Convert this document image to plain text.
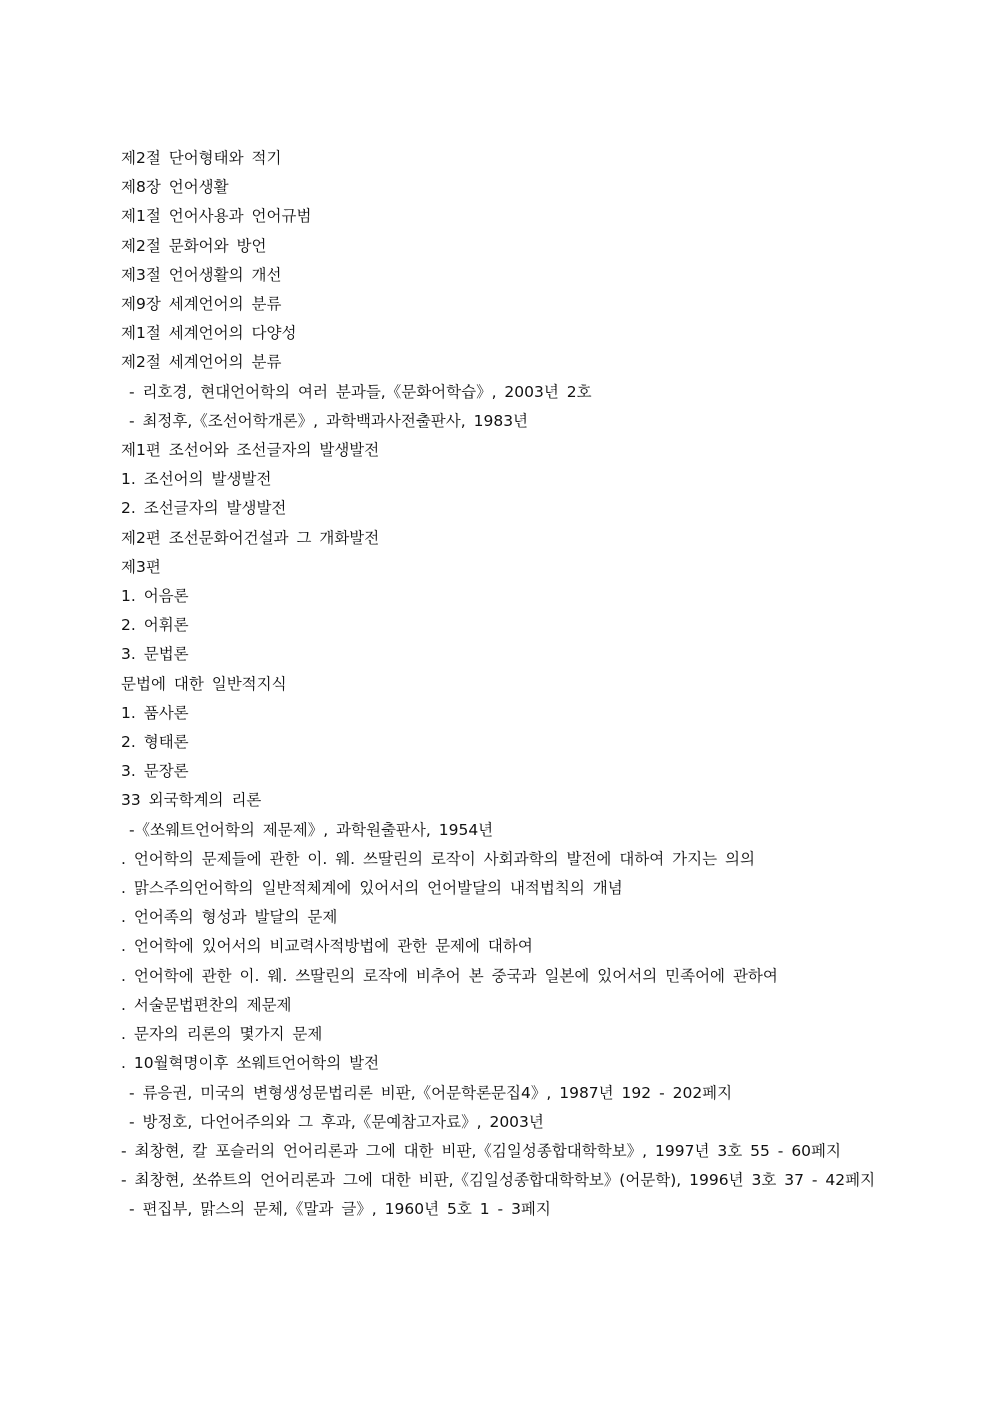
제2절 단어형태와 적기

제8장 언어생활

제1절 언어사용과 언어규범

제2절 문화어와 방언

제3절 언어생활의 개선

제9장 세계언어의 분류

제1절 세계언어의 다양성

제2절 세계언어의 분류

- 리호경, 현대언어학의 여러 분과들,《문화어학습》, 2003년 2호

- 최정후,《조선어학개론》, 과학백과사전출판사, 1983년

제1편 조선어와 조선글자의 발생발전

1. 조선어의 발생발전

2. 조선글자의 발생발전

제2편 조선문화어건설과 그 개화발전

제3편

1. 어음론

2. 어휘론

3. 문법론

문법에 대한 일반적지식

1. 품사론

2. 형태론

3. 문장론

33 외국학계의 리론

-《쏘웨트언어학의 제문제》, 과학원출판사, 1954년

. 언어학의 문제들에 관한 이. 웨. 쓰딸린의 로작이 사회과학의 발전에 대하여 가지는 의의

. 맑스주의언어학의 일반적체계에 있어서의 언어발달의 내적법칙의 개념

. 언어족의 형성과 발달의 문제

. 언어학에 있어서의 비교력사적방법에 관한 문제에 대하여

. 언어학에 관한 이. 웨. 쓰딸린의 로작에 비추어 본 중국과 일본에 있어서의 민족어에 관하여

. 서술문법편찬의 제문제

. 문자의 리론의 몇가지 문제

. 10월혁명이후 쏘웨트언어학의 발전

- 류응권, 미국의 변형생성문법리론 비판,《어문학론문집4》, 1987년 192 - 202페지

- 방정호, 다언어주의와 그 후과,《문예참고자료》, 2003년

- 최창현, 칼 포슬러의 언어리론과 그에 대한 비판,《김일성종합대학학보》, 1997년 3호 55 - 60페지

- 최창현, 쏘쓔트의 언어리론과 그에 대한 비판,《김일성종합대학학보》(어문학), 1996년 3호 37 - 42페지

- 편집부, 맑스의 문체,《말과 글》, 1960년 5호 1 - 3페지
